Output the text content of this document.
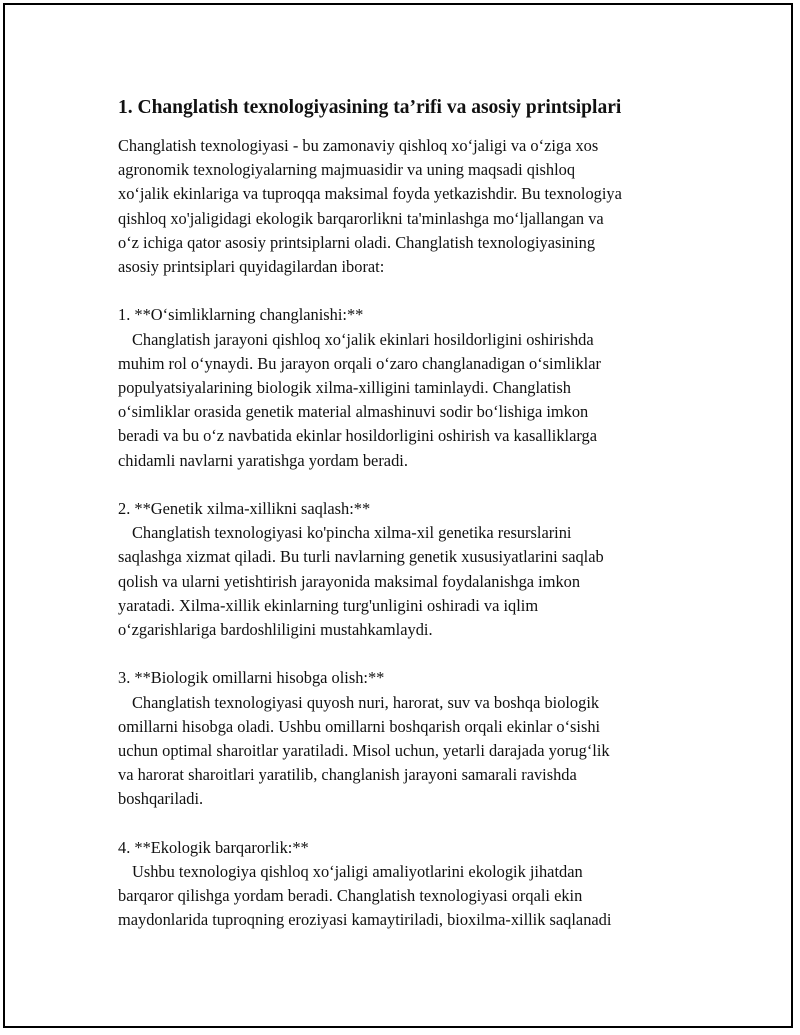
1. Changlatish texnologiyasining ta’rifi va asosiy printsiplari
Changlatish texnologiyasi - bu zamonaviy qishloq xo‘jaligi va o‘ziga xos
agronomik texnologiyalarning majmuasidir va uning maqsadi qishloq
xo‘jalik ekinlariga va tuproqqa maksimal foyda yetkazishdir. Bu texnologiya
qishloq xo'jaligidagi ekologik barqarorlikni ta'minlashga mo‘ljallangan va
o‘z ichiga qator asosiy printsiplarni oladi. Changlatish texnologiyasining
asosiy printsiplari quyidagilardan iborat:
1. **O‘simliklarning changlanishi:**
Changlatish jarayoni qishloq xo‘jalik ekinlari hosildorligini oshirishda
muhim rol o‘ynaydi. Bu jarayon orqali o‘zaro changlanadigan o‘simliklar
populyatsiyalarining biologik xilma-xilligini taminlaydi. Changlatish
o‘simliklar orasida genetik material almashinuvi sodir bo‘lishiga imkon
beradi va bu o‘z navbatida ekinlar hosildorligini oshirish va kasalliklarga
chidamli navlarni yaratishga yordam beradi.
2. **Genetik xilma-xillikni saqlash:**
Changlatish texnologiyasi ko'pincha xilma-xil genetika resurslarini
saqlashga xizmat qiladi. Bu turli navlarning genetik xususiyatlarini saqlab
qolish va ularni yetishtirish jarayonida maksimal foydalanishga imkon
yaratadi. Xilma-xillik ekinlarning turg'unligini oshiradi va iqlim
o‘zgarishlariga bardoshliligini mustahkamlaydi.
3. **Biologik omillarni hisobga olish:**
Changlatish texnologiyasi quyosh nuri, harorat, suv va boshqa biologik
omillarni hisobga oladi. Ushbu omillarni boshqarish orqali ekinlar o‘sishi
uchun optimal sharoitlar yaratiladi. Misol uchun, yetarli darajada yorug‘lik
va harorat sharoitlari yaratilib, changlanish jarayoni samarali ravishda
boshqariladi.
4. **Ekologik barqarorlik:**
Ushbu texnologiya qishloq xo‘jaligi amaliyotlarini ekologik jihatdan
barqaror qilishga yordam beradi. Changlatish texnologiyasi orqali ekin
maydonlarida tuproqning eroziyasi kamaytiriladi, bioxilma-xillik saqlanadi
